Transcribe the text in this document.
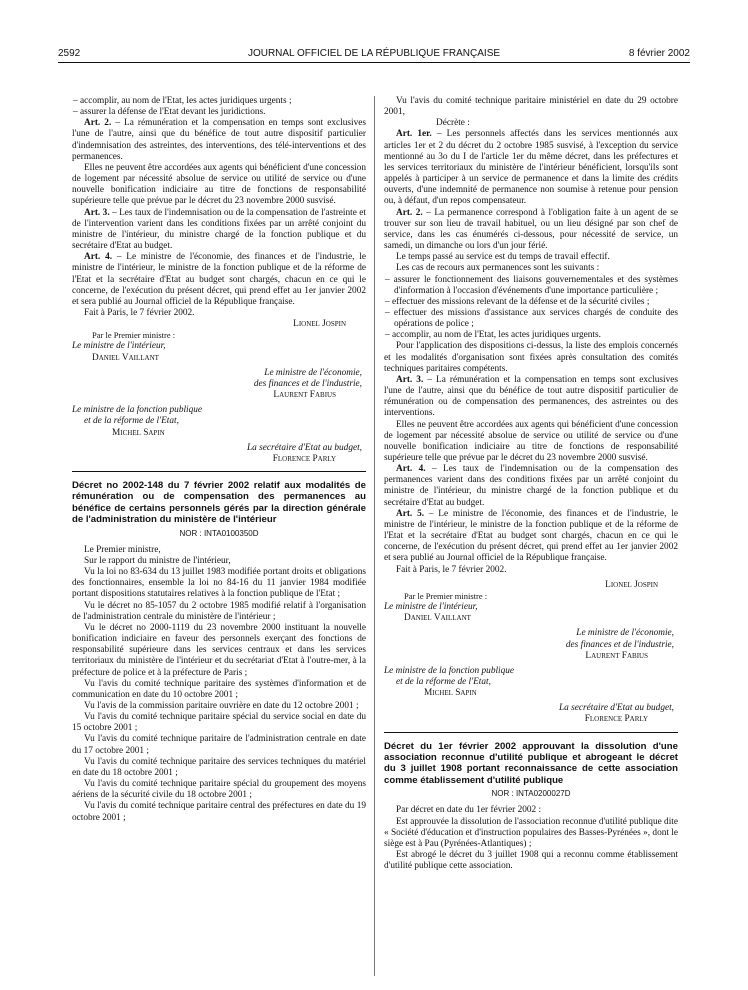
2592	JOURNAL OFFICIEL DE LA RÉPUBLIQUE FRANÇAISE	8 février 2002

– accomplir, au nom de l'Etat, les actes juridiques urgents ;

– assurer la défense de l'Etat devant les juridictions.

Art. 2. – La rémunération et la compensation en temps sont exclusives l'une de l'autre, ainsi que du bénéfice de tout autre dispositif particulier d'indemnisation des astreintes, des interventions, des télé-interventions et des permanences.

Elles ne peuvent être accordées aux agents qui bénéficient d'une concession de logement par nécessité absolue de service ou utilité de service ou d'une nouvelle bonification indiciaire au titre de fonctions de responsabilité supérieure telle que prévue par le décret du 23 novembre 2000 susvisé.

Art. 3. – Les taux de l'indemnisation ou de la compensation de l'astreinte et de l'intervention varient dans les conditions fixées par un arrêté conjoint du ministre de l'intérieur, du ministre chargé de la fonction publique et du secrétaire d'Etat au budget.

Art. 4. – Le ministre de l'économie, des finances et de l'industrie, le ministre de l'intérieur, le ministre de la fonction publique et de la réforme de l'Etat et la secrétaire d'Etat au budget sont chargés, chacun en ce qui le concerne, de l'exécution du présent décret, qui prend effet au 1er janvier 2002 et sera publié au Journal officiel de la République française.

Fait à Paris, le 7 février 2002.

Lionel Jospin

Par le Premier ministre :

Le ministre de l'intérieur,

Daniel Vaillant

Le ministre de l'économie,

des finances et de l'industrie,

Laurent Fabius

Le ministre de la fonction publique

et de la réforme de l'Etat,

Michel Sapin

La secrétaire d'Etat au budget,

Florence Parly

Décret no 2002-148 du 7 février 2002 relatif aux modalités de rémunération ou de compensation des permanences au bénéfice de certains personnels gérés par la direction générale de l'administration du ministère de l'intérieur

NOR : INTA0100350D

Le Premier ministre,

Sur le rapport du ministre de l'intérieur,

Vu la loi no 83-634 du 13 juillet 1983 modifiée portant droits et obligations des fonctionnaires, ensemble la loi no 84-16 du 11 janvier 1984 modifiée portant dispositions statutaires relatives à la fonction publique de l'Etat ;

Vu le décret no 85-1057 du 2 octobre 1985 modifié relatif à l'organisation de l'administration centrale du ministère de l'intérieur ;

Vu le décret no 2000-1119 du 23 novembre 2000 instituant la nouvelle bonification indiciaire en faveur des personnels exerçant des fonctions de responsabilité supérieure dans les services centraux et dans les services territoriaux du ministère de l'intérieur et du secrétariat d'Etat à l'outre-mer, à la préfecture de police et à la préfecture de Paris ;

Vu l'avis du comité technique paritaire des systèmes d'information et de communication en date du 10 octobre 2001 ;

Vu l'avis de la commission paritaire ouvrière en date du 12 octobre 2001 ;

Vu l'avis du comité technique paritaire spécial du service social en date du 15 octobre 2001 ;

Vu l'avis du comité technique paritaire de l'administration centrale en date du 17 octobre 2001 ;

Vu l'avis du comité technique paritaire des services techniques du matériel en date du 18 octobre 2001 ;

Vu l'avis du comité technique paritaire spécial du groupement des moyens aériens de la sécurité civile du 18 octobre 2001 ;

Vu l'avis du comité technique paritaire central des préfectures en date du 19 octobre 2001 ;

Vu l'avis du comité technique paritaire ministériel en date du 29 octobre 2001,

Décrète :

Art. 1er. – Les personnels affectés dans les services mentionnés aux articles 1er et 2 du décret du 2 octobre 1985 susvisé, à l'exception du service mentionné au 3o du I de l'article 1er du même décret, dans les préfectures et les services territoriaux du ministère de l'intérieur bénéficient, lorsqu'ils sont appelés à participer à un service de permanence et dans la limite des crédits ouverts, d'une indemnité de permanence non soumise à retenue pour pension ou, à défaut, d'un repos compensateur.

Art. 2. – La permanence correspond à l'obligation faite à un agent de se trouver sur son lieu de travail habituel, ou un lieu désigné par son chef de service, dans les cas énumérés ci-dessous, pour nécessité de service, un samedi, un dimanche ou lors d'un jour férié.

Le temps passé au service est du temps de travail effectif.

Les cas de recours aux permanences sont les suivants :

– assurer le fonctionnement des liaisons gouvernementales et des systèmes d'information à l'occasion d'événements d'une importance particulière ;

– effectuer des missions relevant de la défense et de la sécurité civiles ;

– effectuer des missions d'assistance aux services chargés de conduite des opérations de police ;

– accomplir, au nom de l'Etat, les actes juridiques urgents.

Pour l'application des dispositions ci-dessus, la liste des emplois concernés et les modalités d'organisation sont fixées après consultation des comités techniques paritaires compétents.

Art. 3. – La rémunération et la compensation en temps sont exclusives l'une de l'autre, ainsi que du bénéfice de tout autre dispositif particulier de rémunération ou de compensation des permanences, des astreintes ou des interventions.

Elles ne peuvent être accordées aux agents qui bénéficient d'une concession de logement par nécessité absolue de service ou utilité de service ou d'une nouvelle bonification indiciaire au titre de fonctions de responsabilité supérieure telle que prévue par le décret du 23 novembre 2000 susvisé.

Art. 4. – Les taux de l'indemnisation ou de la compensation des permanences varient dans des conditions fixées par un arrêté conjoint du ministre de l'intérieur, du ministre chargé de la fonction publique et du secrétaire d'Etat au budget.

Art. 5. – Le ministre de l'économie, des finances et de l'industrie, le ministre de l'intérieur, le ministre de la fonction publique et de la réforme de l'Etat et la secrétaire d'Etat au budget sont chargés, chacun en ce qui le concerne, de l'exécution du présent décret, qui prend effet au 1er janvier 2002 et sera publié au Journal officiel de la République française.

Fait à Paris, le 7 février 2002.

Lionel Jospin

Par le Premier ministre :

Le ministre de l'intérieur,

Daniel Vaillant

Le ministre de l'économie,

des finances et de l'industrie,

Laurent Fabius

Le ministre de la fonction publique

et de la réforme de l'Etat,

Michel Sapin

La secrétaire d'Etat au budget,

Florence Parly

Décret du 1er février 2002 approuvant la dissolution d'une association reconnue d'utilité publique et abrogeant le décret du 3 juillet 1908 portant reconnaissance de cette association comme établissement d'utilité publique

NOR : INTA0200027D

Par décret en date du 1er février 2002 :

Est approuvée la dissolution de l'association reconnue d'utilité publique dite « Société d'éducation et d'instruction populaires des Basses-Pyrénées », dont le siège est à Pau (Pyrénées-Atlantiques) ;

Est abrogé le décret du 3 juillet 1908 qui a reconnu comme établissement d'utilité publique cette association.
